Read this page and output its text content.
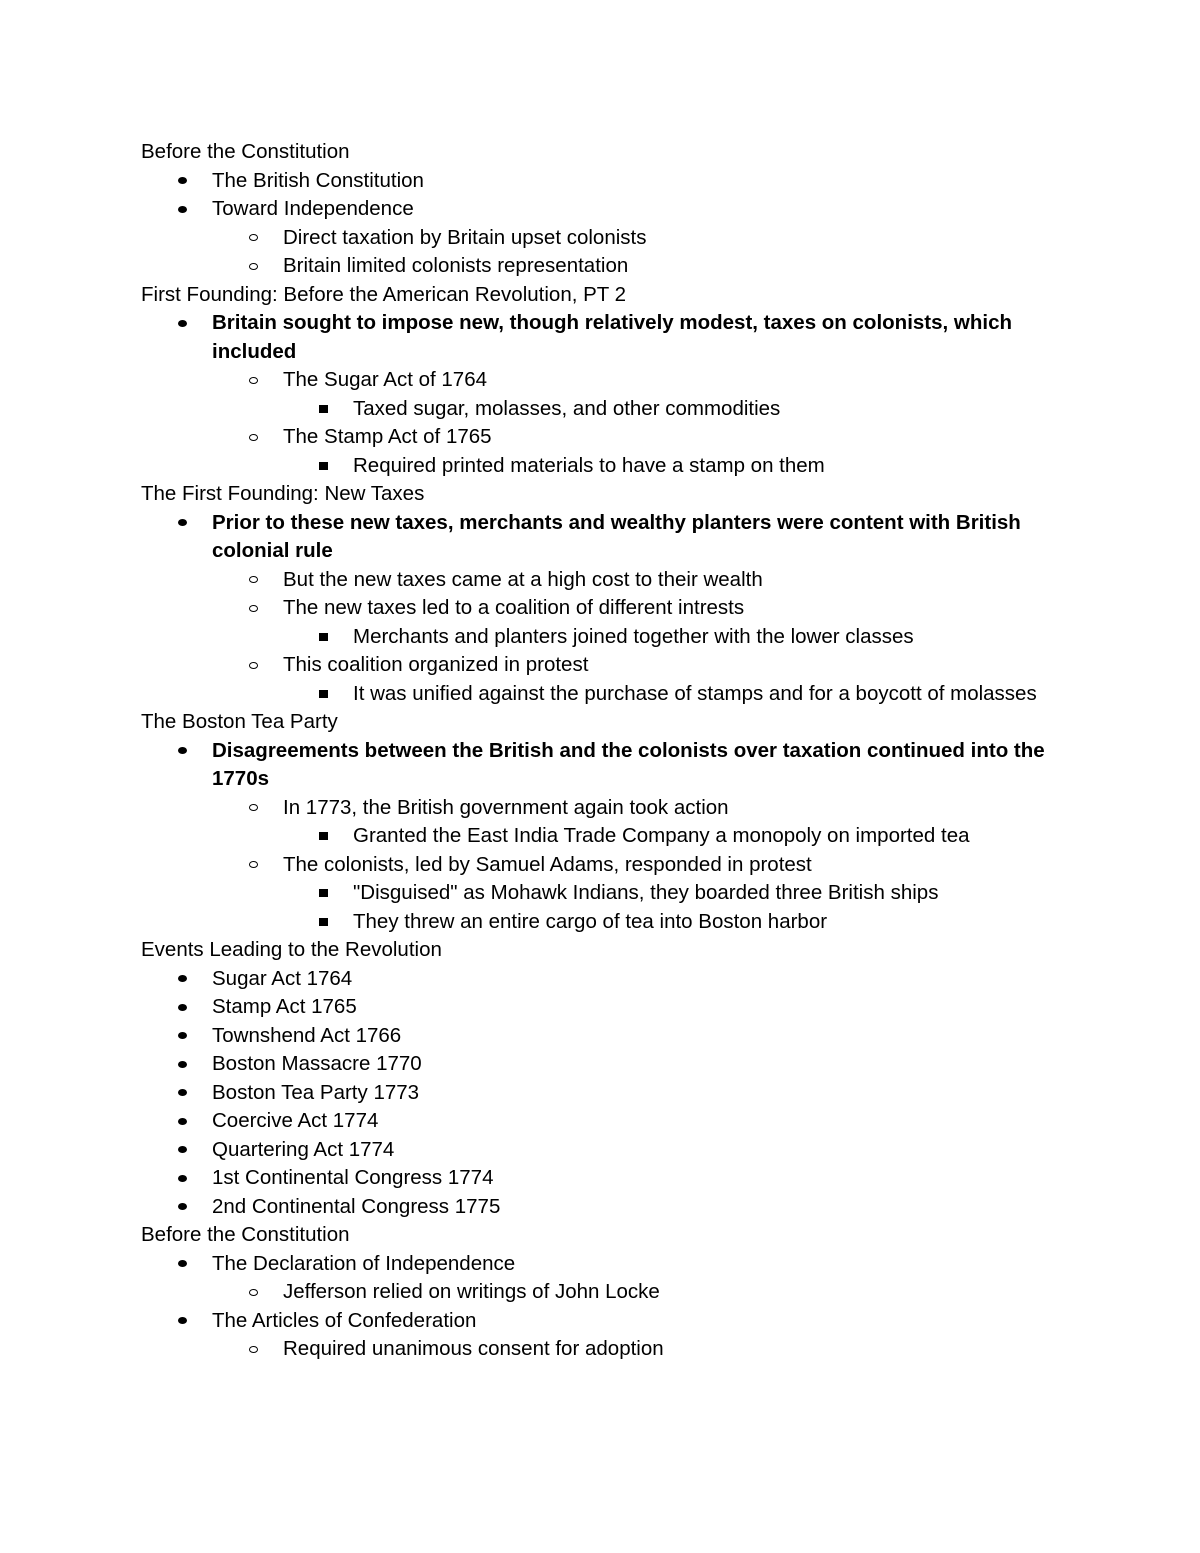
Before the Constitution
The British Constitution
Toward Independence
Direct taxation by Britain upset colonists
Britain limited colonists representation
First Founding: Before the American Revolution, PT 2
Britain sought to impose new, though relatively modest, taxes on colonists, which included
The Sugar Act of 1764
Taxed sugar, molasses, and other commodities
The Stamp Act of 1765
Required printed materials to have a stamp on them
The First Founding: New Taxes
Prior to these new taxes, merchants and wealthy planters were content with British colonial rule
But the new taxes came at a high cost to their wealth
The new taxes led to a coalition of different intrests
Merchants and planters joined together with the lower classes
This coalition organized in protest
It was unified against the purchase of stamps and for a boycott of molasses
The Boston Tea Party
Disagreements between the British and the colonists over taxation continued into the 1770s
In 1773, the British government again took action
Granted the East India Trade Company a monopoly on imported tea
The colonists, led by Samuel Adams, responded in protest
"Disguised" as Mohawk Indians, they boarded three British ships
They threw an entire cargo of tea into Boston harbor
Events Leading to the Revolution
Sugar Act 1764
Stamp Act 1765
Townshend Act 1766
Boston Massacre 1770
Boston Tea Party 1773
Coercive Act 1774
Quartering Act 1774
1st Continental Congress 1774
2nd Continental Congress 1775
Before the Constitution
The Declaration of Independence
Jefferson relied on writings of John Locke
The Articles of Confederation
Required unanimous consent for adoption
